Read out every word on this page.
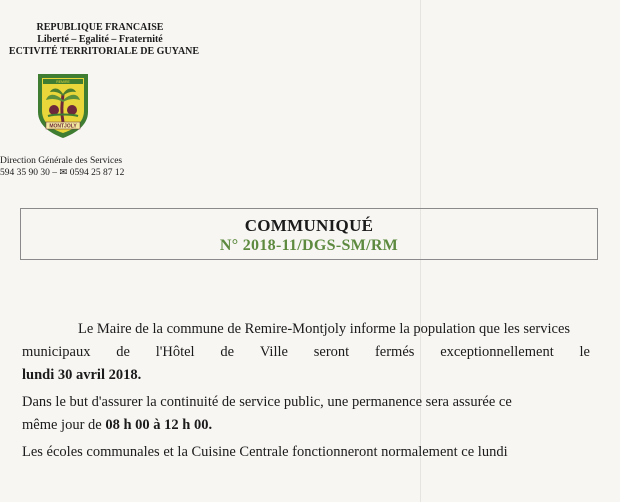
REPUBLIQUE FRANCAISE
Liberté – Egalité – Fraternité
ECTIVITÉ TERRITORIALE DE GUYANE
MONTJOLY
REMIRE
Direction Générale des Services
594 35 90 30 – ✉ 0594 25 87 12
COMMUNIQUÉ
N° 2018-11/DGS-SM/RM
Le Maire de la commune de Remire-Montjoly informe la population que les services
municipaux de l'Hôtel de Ville seront fermés exceptionnellement le
lundi 30 avril 2018.
Dans le but d'assurer la continuité de service public, une permanence sera assurée ce
même jour de 08 h 00 à 12 h 00.
Les écoles communales et la Cuisine Centrale fonctionneront normalement ce lundi
